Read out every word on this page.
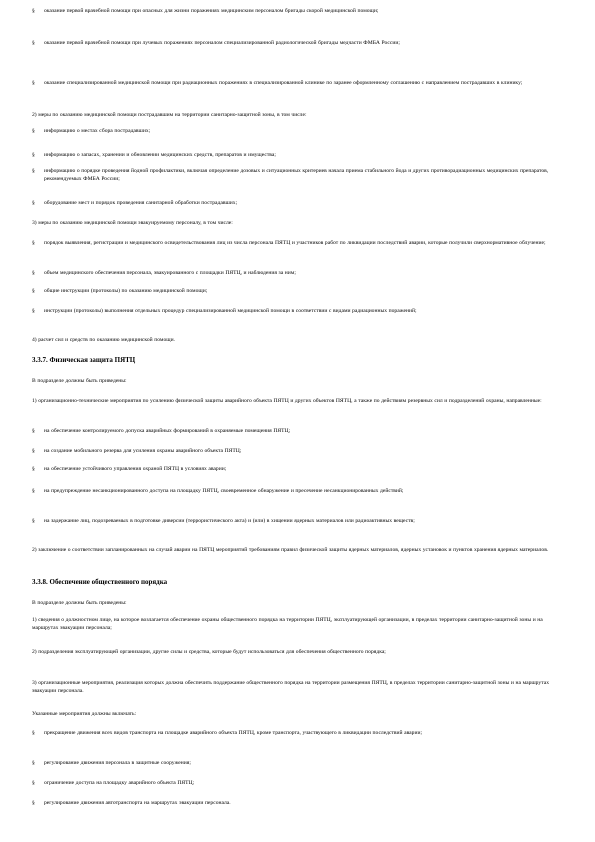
§ оказание первой врачебной помощи при опасных для жизни поражениях медицинским персоналом бригады скорой медицинской помощи;

§ оказание первой врачебной помощи при лучевых поражениях персоналом специализированной радиологической бригады медчасти ФМБА России;

§ оказание специализированной медицинской помощи при радиационных поражениях в специализированной клинике по заранее оформленному соглашению с направлением пострадавших в клинику;

2) меры по оказанию медицинской помощи пострадавшим на территории санитарно-защитной зоны, в том числе:

§ информацию о местах сбора пострадавших;

§ информацию о запасах, хранении и обновлении медицинских средств, препаратов и имущества;

§ информацию о порядке проведения йодной профилактики, включая определение дозовых и ситуационных критериев начала приема стабильного йода и других противорадиационных медицинских препаратов, рекомендуемых ФМБА России;

§ оборудование мест и порядок проведения санитарной обработки пострадавших;

3) меры по оказанию медицинской помощи эвакуируемому персоналу, в том числе:

§ порядок выявления, регистрации и медицинского освидетельствования лиц из числа персонала ПЯТЦ и участников работ по ликвидации последствий аварии, которые получили сверхнормативное облучение;

§ объем медицинского обеспечения персонала, эвакуированного с площадки ПЯТЦ, и наблюдения за ним;

§ общие инструкции (протоколы) по оказанию медицинской помощи;

§ инструкции (протоколы) выполнения отдельных процедур специализированной медицинской помощи в соответствии с видами радиационных поражений;

4) расчет сил и средств по оказанию медицинской помощи.

3.3.7. Физическая защита ПЯТЦ

В подразделе должны быть приведены:

1) организационно-технические мероприятия по усилению физической защиты аварийного объекта ПЯТЦ и других объектов ПЯТЦ, а также по действиям резервных сил и подразделений охраны, направленные:

§ на обеспечение контролируемого допуска аварийных формирований в охраняемые помещения ПЯТЦ;

§ на создание мобильного резерва для усиления охраны аварийного объекта ПЯТЦ;

§ на обеспечение устойчивого управления охраной ПЯТЦ в условиях аварии;

§ на предупреждение несанкционированного доступа на площадку ПЯТЦ, своевременное обнаружение и пресечение несанкционированных действий;

§ на задержание лиц, подозреваемых в подготовке диверсии (террористического акта) и (или) в хищении ядерных материалов или радиоактивных веществ;

2) заключение о соответствии запланированных на случай аварии на ПЯТЦ мероприятий требованиям правил физической защиты ядерных материалов, ядерных установок и пунктов хранения ядерных материалов.

3.3.8. Обеспечение общественного порядка

В подразделе должны быть приведены:

1) сведения о должностном лице, на которое возлагается обеспечение охраны общественного порядка на территории ПЯТЦ, эксплуатирующей организации, в пределах территории санитарно-защитной зоны и на маршрутах эвакуации персонала;

2) подразделения эксплуатирующей организации, другие силы и средства, которые будут использоваться для обеспечения общественного порядка;

3) организационные мероприятия, реализация которых должна обеспечить поддержание общественного порядка на территории размещения ПЯТЦ, в пределах территории санитарно-защитной зоны и на маршрутах эвакуации персонала.

Указанные мероприятия должны включать:

§ прекращение движения всех видов транспорта на площадке аварийного объекта ПЯТЦ, кроме транспорта, участвующего в ликвидации последствий аварии;

§ регулирование движения персонала в защитные сооружения;

§ ограничение доступа на площадку аварийного объекта ПЯТЦ;

§ регулирование движения автотранспорта на маршрутах эвакуации персонала.
